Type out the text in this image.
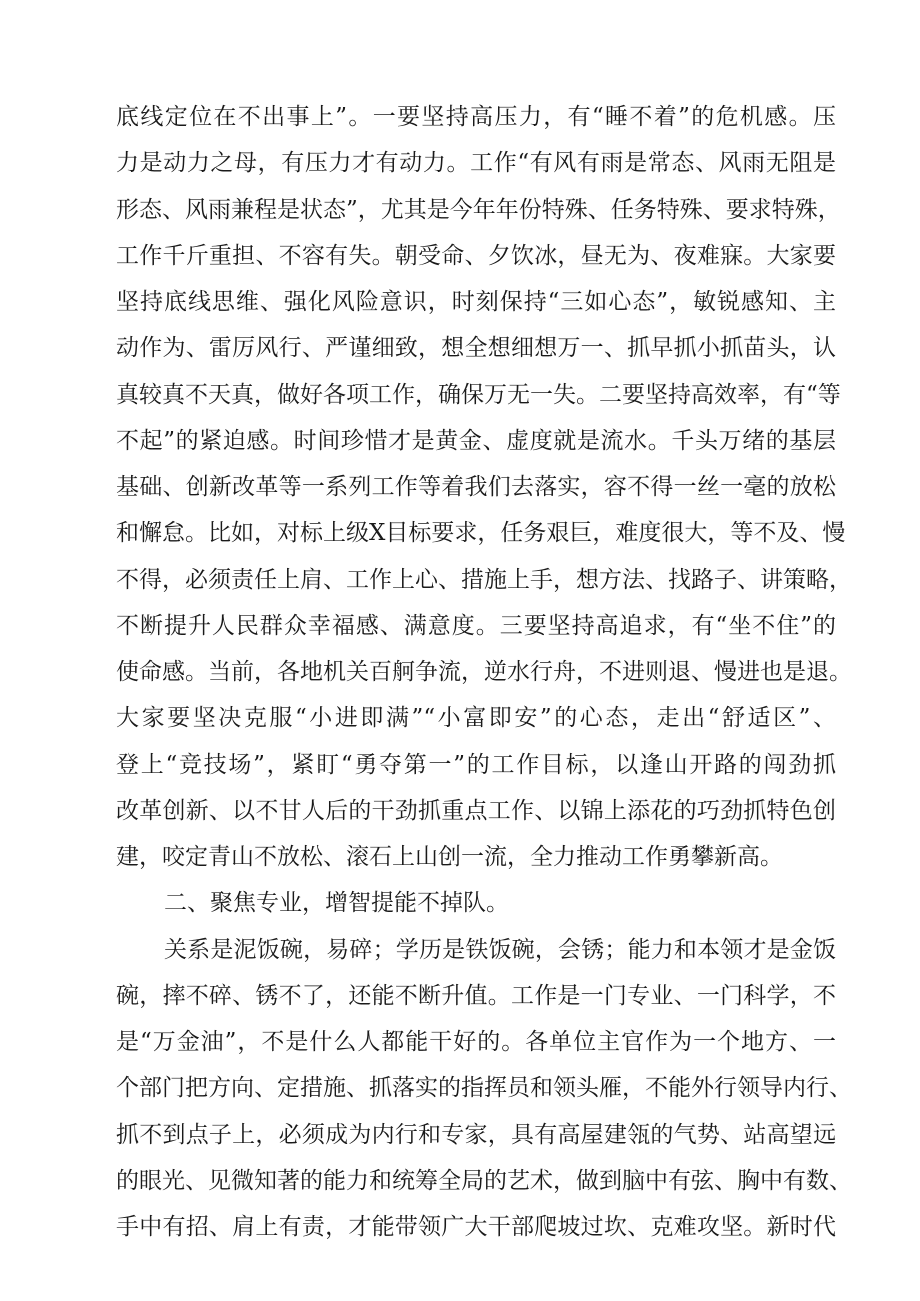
底线定位在不出事上”。一要坚持高压力，有“睡不着”的危机感。压
力是动力之母，有压力才有动力。工作“有风有雨是常态、风雨无阻是
形态、风雨兼程是状态”，尤其是今年年份特殊、任务特殊、要求特殊，
工作千斤重担、不容有失。朝受命、夕饮冰，昼无为、夜难寐。大家要
坚持底线思维、强化风险意识，时刻保持“三如心态”，敏锐感知、主
动作为、雷厉风行、严谨细致，想全想细想万一、抓早抓小抓苗头，认
真较真不天真，做好各项工作，确保万无一失。二要坚持高效率，有“等
不起”的紧迫感。时间珍惜才是黄金、虚度就是流水。千头万绪的基层
基础、创新改革等一系列工作等着我们去落实，容不得一丝一毫的放松
和懈怠。比如，对标上级X目标要求，任务艰巨，难度很大，等不及、慢
不得，必须责任上肩、工作上心、措施上手，想方法、找路子、讲策略，
不断提升人民群众幸福感、满意度。三要坚持高追求，有“坐不住”的
使命感。当前，各地机关百舸争流，逆水行舟，不进则退、慢进也是退。
大家要坚决克服“小进即满”“小富即安”的心态，走出“舒适区”、
登上“竞技场”，紧盯“勇夺第一”的工作目标，以逢山开路的闯劲抓
改革创新、以不甘人后的干劲抓重点工作、以锦上添花的巧劲抓特色创
建，咬定青山不放松、滚石上山创一流，全力推动工作勇攀新高。
二、聚焦专业，增智提能不掉队。
关系是泥饭碗，易碎；学历是铁饭碗，会锈；能力和本领才是金饭
碗，摔不碎、锈不了，还能不断升值。工作是一门专业、一门科学，不
是“万金油”，不是什么人都能干好的。各单位主官作为一个地方、一
个部门把方向、定措施、抓落实的指挥员和领头雁，不能外行领导内行、
抓不到点子上，必须成为内行和专家，具有高屋建瓴的气势、站高望远
的眼光、见微知著的能力和统筹全局的艺术，做到脑中有弦、胸中有数、
手中有招、肩上有责，才能带领广大干部爬坡过坎、克难攻坚。新时代
